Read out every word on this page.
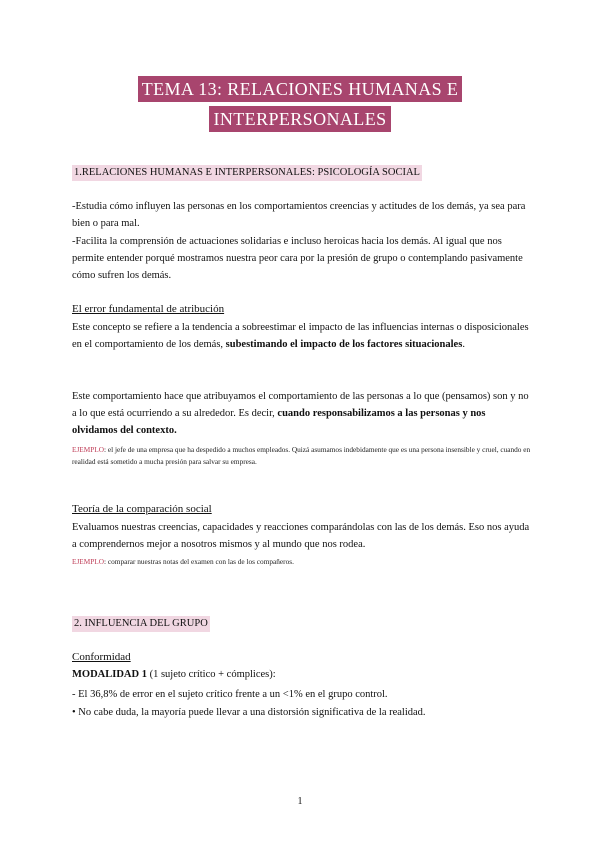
TEMA 13: RELACIONES HUMANAS E
INTERPERSONALES
1.RELACIONES HUMANAS E INTERPERSONALES: PSICOLOGÍA SOCIAL
-Estudia cómo influyen las personas en los comportamientos creencias y actitudes de los demás, ya sea para bien o para mal.
-Facilita la comprensión de actuaciones solidarias e incluso heroicas hacia los demás. Al igual que nos permite entender porqué mostramos nuestra peor cara por la presión de grupo o contemplando pasivamente cómo sufren los demás.
El error fundamental de atribución
Este concepto se refiere a la tendencia a sobreestimar el impacto de las influencias internas o disposicionales en el comportamiento de los demás, subestimando el impacto de los factores situacionales.
Este comportamiento hace que atribuyamos el comportamiento de las personas a lo que (pensamos) son y no a lo que está ocurriendo a su alrededor. Es decir, cuando responsabilizamos a las personas y nos olvidamos del contexto.
EJEMPLO: el jefe de una empresa que ha despedido a muchos empleados. Quizá asumamos indebidamente que es una persona insensible y cruel, cuando en realidad está sometido a mucha presión para salvar su empresa.
Teoría de la comparación social
Evaluamos nuestras creencias, capacidades y reacciones comparándolas con las de los demás. Eso nos ayuda a comprendernos mejor a nosotros mismos y al mundo que nos rodea.
EJEMPLO: comparar nuestras notas del examen con las de los compañeros.
2. INFLUENCIA DEL GRUPO
Conformidad
MODALIDAD 1 (1 sujeto crítico + cómplices):
- El 36,8% de error en el sujeto crítico frente a un <1% en el grupo control.
• No cabe duda, la mayoría puede llevar a una distorsión significativa de la realidad.
1
